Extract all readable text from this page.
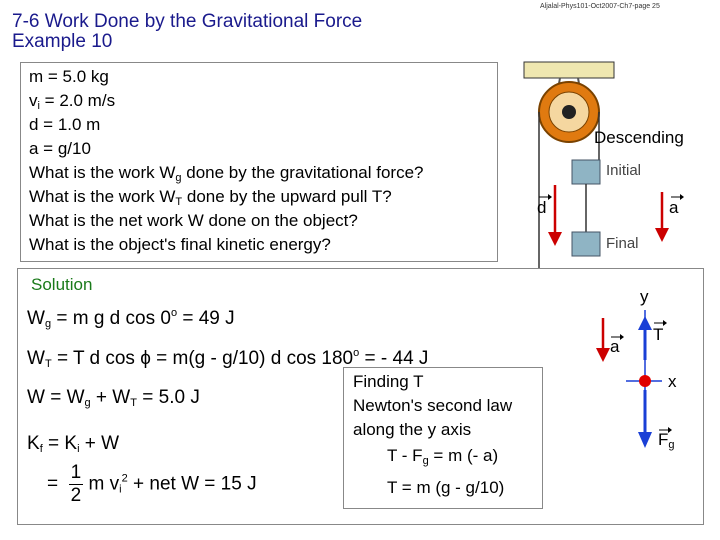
7-6 Work Done by the Gravitational Force
Example 10
Aljalal-Phys101-Oct2007-Ch7-page 25
m = 5.0 kg
$v_i = 2.0$ m/s
d = 1.0 m
a = g/10
What is the work $W_g$ done by the gravitational force?
What is the work $W_T$ done by the upward pull T?
What is the net work W done on the object?
What is the object's final kinetic energy?
Descending
Initial
Final
d	a
y
x
a
T
$F_g$
Solution
$W_g = m$ g d $\cos 0^o = 49$ J
$W_T = T$ d cos ϕ = m(g - g/10) d $\cos 180^o$ = - 44 J
$W = W_g + W_T = 5.0$ J
$K_f = K_i + W$
= $\frac{1}{2}$ m $v_i^2$ + net W = 15 J
Finding T
Newton's second law
along the y axis
$T - F_g = m$ (- a)
T = m (g - g/10)
